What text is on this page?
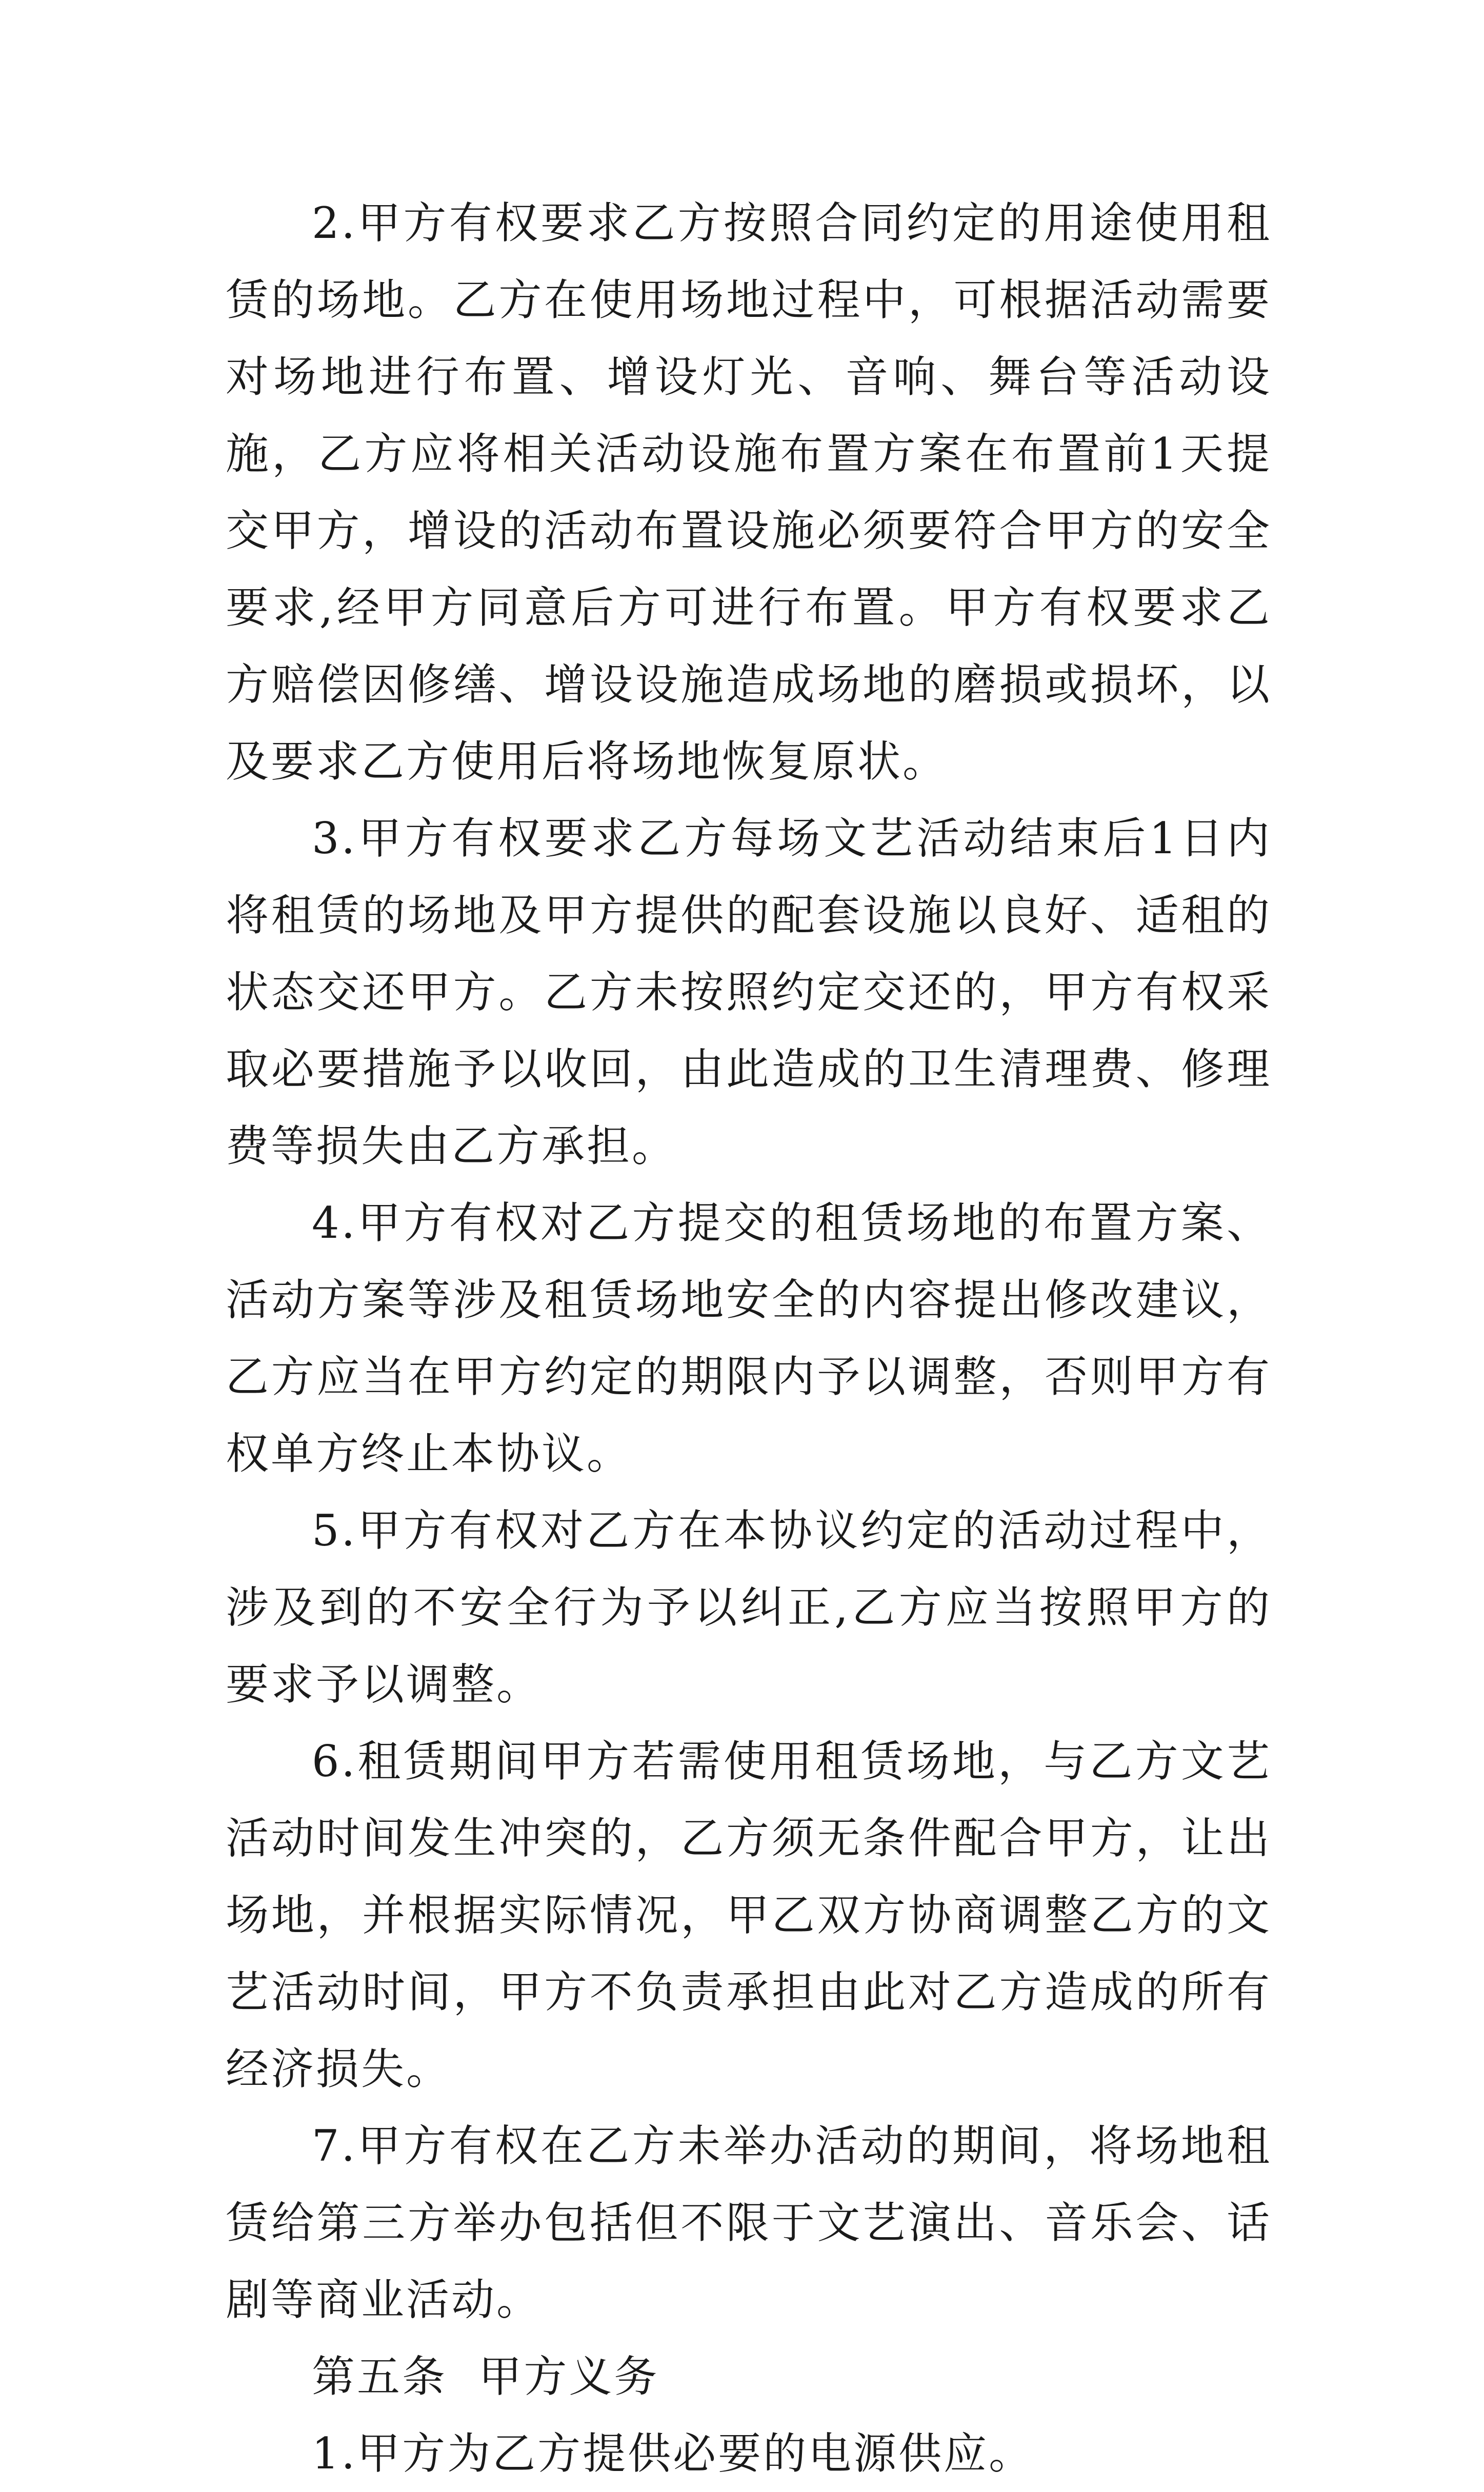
2.甲方有权要求乙方按照合同约定的用途使用租赁的场地。乙方在使用场地过程中，可根据活动需要对场地进行布置、增设灯光、音响、舞台等活动设施，乙方应将相关活动设施布置方案在布置前1天提交甲方，增设的活动布置设施必须要符合甲方的安全要求,经甲方同意后方可进行布置。甲方有权要求乙方赔偿因修缮、增设设施造成场地的磨损或损坏，以及要求乙方使用后将场地恢复原状。

3.甲方有权要求乙方每场文艺活动结束后1日内将租赁的场地及甲方提供的配套设施以良好、适租的状态交还甲方。乙方未按照约定交还的，甲方有权采取必要措施予以收回，由此造成的卫生清理费、修理费等损失由乙方承担。

4.甲方有权对乙方提交的租赁场地的布置方案、活动方案等涉及租赁场地安全的内容提出修改建议，乙方应当在甲方约定的期限内予以调整，否则甲方有权单方终止本协议。

5.甲方有权对乙方在本协议约定的活动过程中，涉及到的不安全行为予以纠正,乙方应当按照甲方的要求予以调整。

6.租赁期间甲方若需使用租赁场地，与乙方文艺活动时间发生冲突的，乙方须无条件配合甲方，让出场地，并根据实际情况，甲乙双方协商调整乙方的文艺活动时间，甲方不负责承担由此对乙方造成的所有经济损失。

7.甲方有权在乙方未举办活动的期间，将场地租赁给第三方举办包括但不限于文艺演出、音乐会、话剧等商业活动。

第五条  甲方义务

1.甲方为乙方提供必要的电源供应。
